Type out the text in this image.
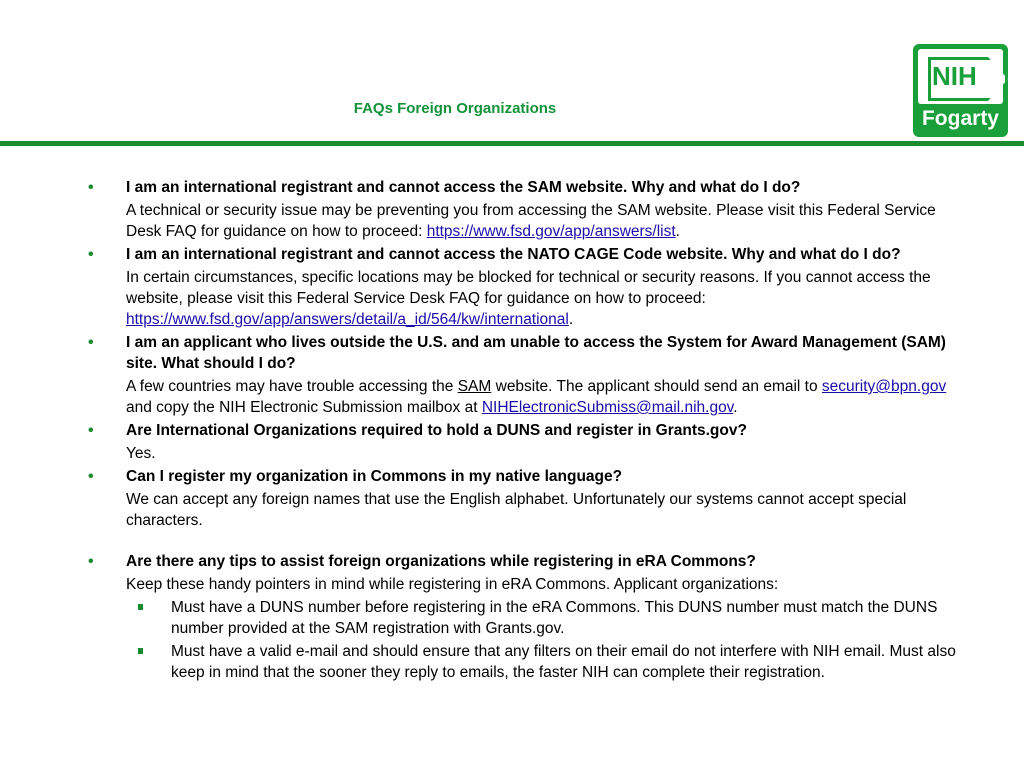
FAQs Foreign Organizations
NIH
Fogarty
• I am an international registrant and cannot access the SAM website. Why and what do I do?
A technical or security issue may be preventing you from accessing the SAM website. Please visit this Federal Service Desk FAQ for guidance on how to proceed: https://www.fsd.gov/app/answers/list.
• I am an international registrant and cannot access the NATO CAGE Code website. Why and what do I do?
In certain circumstances, specific locations may be blocked for technical or security reasons. If you cannot access the website, please visit this Federal Service Desk FAQ for guidance on how to proceed: https://www.fsd.gov/app/answers/detail/a_id/564/kw/international.
• I am an applicant who lives outside the U.S. and am unable to access the System for Award Management (SAM) site. What should I do?
A few countries may have trouble accessing the SAM website. The applicant should send an email to security@bpn.gov and copy the NIH Electronic Submission mailbox at NIHElectronicSubmiss@mail.nih.gov.
• Are International Organizations required to hold a DUNS and register in Grants.gov?
Yes.
• Can I register my organization in Commons in my native language?
We can accept any foreign names that use the English alphabet. Unfortunately our systems cannot accept special characters.
• Are there any tips to assist foreign organizations while registering in eRA Commons?
Keep these handy pointers in mind while registering in eRA Commons. Applicant organizations:
Must have a DUNS number before registering in the eRA Commons. This DUNS number must match the DUNS number provided at the SAM registration with Grants.gov.
Must have a valid e-mail and should ensure that any filters on their email do not interfere with NIH email. Must also keep in mind that the sooner they reply to emails, the faster NIH can complete their registration.
